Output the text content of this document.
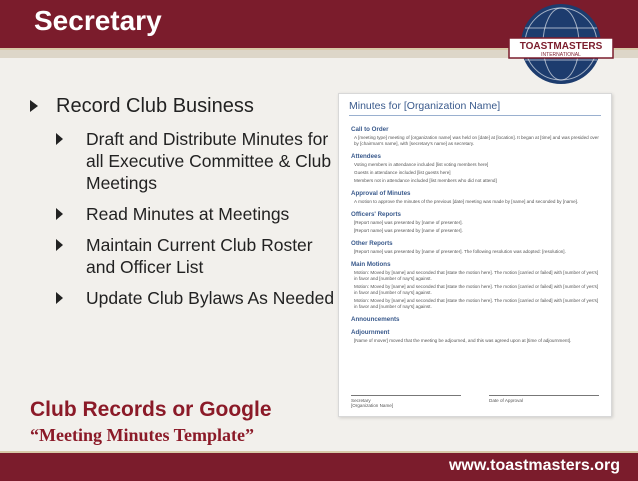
Secretary
TOASTMASTERS
INTERNATIONAL
Record Club Business
Draft and Distribute Minutes for all Executive Committee & Club Meetings
Read Minutes at Meetings
Maintain Current Club Roster and Officer List
Update Club Bylaws As Needed
Club Records or Google
“Meeting Minutes Template”
Minutes for [Organization Name]
Call to Order
A [meeting type] meeting of [organization name] was held on [date] at [location]. It began at [time] and was presided over by [chairman's name], with [secretary's name] as secretary.
Attendees
Voting members in attendance included [list voting members here]
Guests in attendance included [list guests here]
Members not in attendance included [list members who did not attend]
Approval of Minutes
A motion to approve the minutes of the previous [date] meeting was made by [name] and seconded by [name].
Officers' Reports
[Report name] was presented by [name of presenter].
[Report name] was presented by [name of presenter].
Other Reports
[Report name] was presented by [name of presenter]. The following resolution was adopted: [resolution].
Main Motions
Motion: Moved by [name] and seconded that [state the motion here]. The motion [carried or failed] with [number of yes's] in favor and [number of nay's] against.
Motion: Moved by [name] and seconded that [state the motion here]. The motion [carried or failed] with [number of yes's] in favor and [number of nay's] against.
Motion: Moved by [name] and seconded that [state the motion here]. The motion [carried or failed] with [number of yes's] in favor and [number of nay's] against.
Announcements
Adjournment
[Name of mover] moved that the meeting be adjourned, and this was agreed upon at [time of adjournment].
Secretary
[Organization Name]
Date of Approval
www.toastmasters.org
